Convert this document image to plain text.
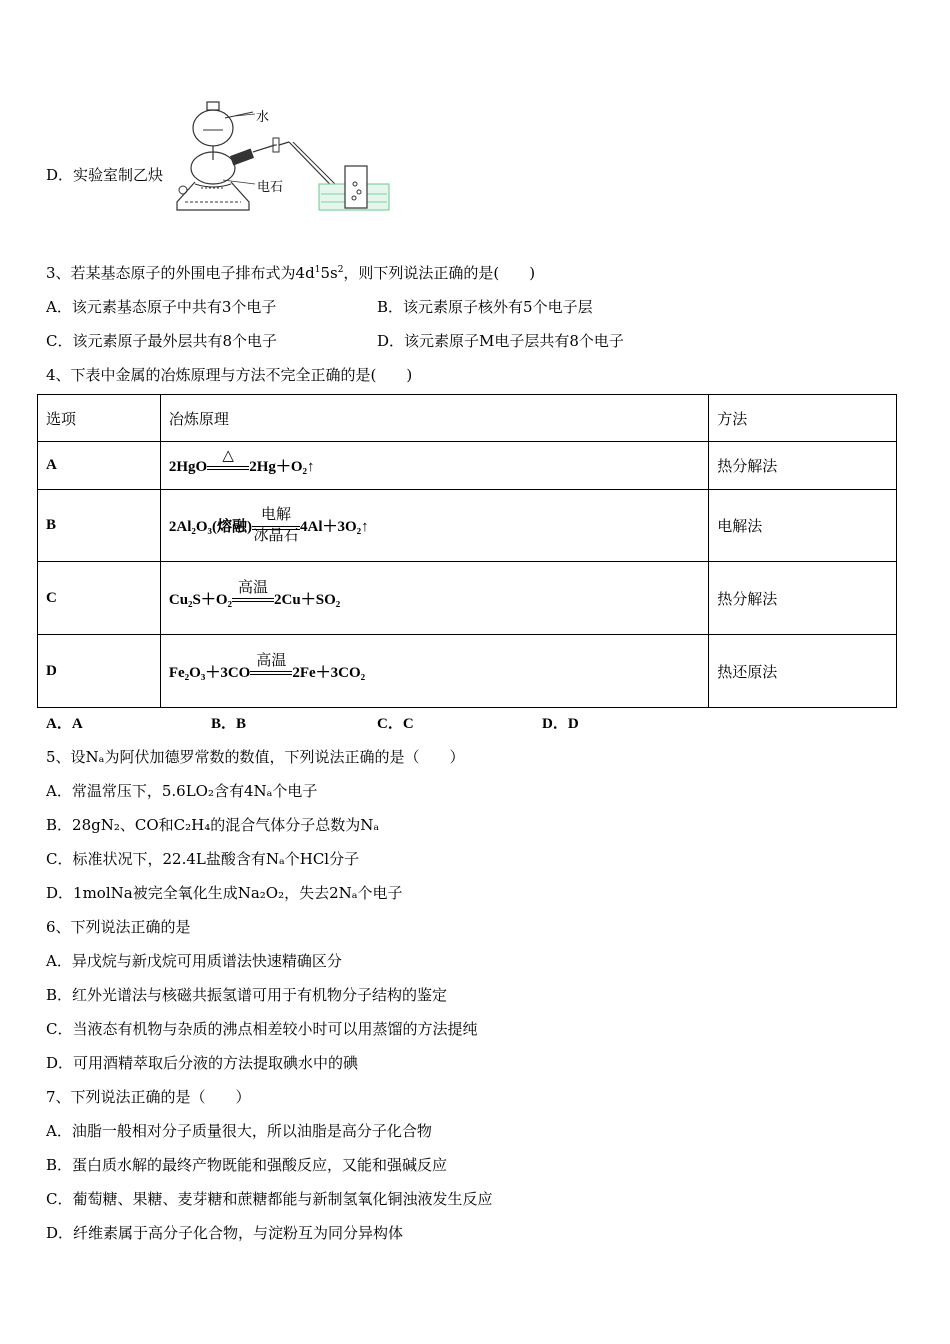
D．实验室制乙炔
水
电石
3、若某基态原子的外围电子排布式为$4d^15s^2$，则下列说法正确的是(　　)
A．该元素基态原子中共有3个电子	B．该元素原子核外有5个电子层
C．该元素原子最外层共有8个电子	D．该元素原子M电子层共有8个电子
4、下表中金属的冶炼原理与方法不完全正确的是(　　)
选项	冶炼原理	方法
A	2HgO
△
2Hg＋O₂↑	热分解法
B	2Al₂O₃(熔融)
电解
冰晶石 4Al＋3O₂↑	电解法
C	Cu₂S＋O₂
高温
2Cu＋SO₂	热分解法
D	Fe₂O₃＋3CO
高温
2Fe＋3CO₂	热还原法
A．A	B．B	C．C	D．D
5、设Nₐ为阿伏加德罗常数的数值，下列说法正确的是（　　）
A．常温常压下，5.6LO₂含有4Nₐ个电子
B．28gN₂、CO和C₂H₄的混合气体分子总数为Nₐ
C．标准状况下，22.4L盐酸含有Nₐ个HCl分子
D．1molNa被完全氧化生成Na₂O₂，失去2Nₐ个电子
6、下列说法正确的是
A．异戊烷与新戊烷可用质谱法快速精确区分
B．红外光谱法与核磁共振氢谱可用于有机物分子结构的鉴定
C．当液态有机物与杂质的沸点相差较小时可以用蒸馏的方法提纯
D．可用酒精萃取后分液的方法提取碘水中的碘
7、下列说法正确的是（　　）
A．油脂一般相对分子质量很大，所以油脂是高分子化合物
B．蛋白质水解的最终产物既能和强酸反应，又能和强碱反应
C．葡萄糖、果糖、麦芽糖和蔗糖都能与新制氢氧化铜浊液发生反应
D．纤维素属于高分子化合物，与淀粉互为同分异构体
